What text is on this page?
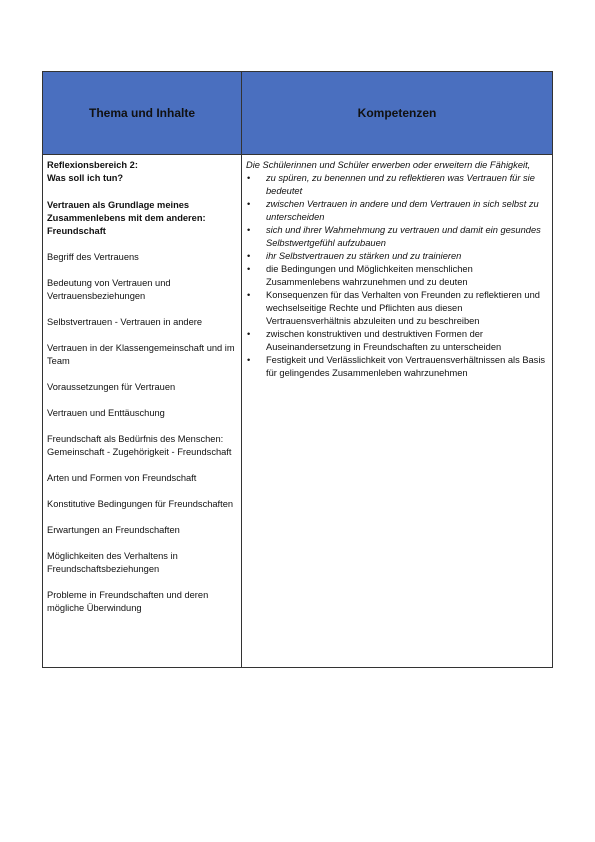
Thema und Inhalte	Kompetenzen
Reflexionsbereich 2:
Was soll ich tun?
Vertrauen als Grundlage meines Zusammenlebens mit dem anderen: Freundschaft
Begriff des Vertrauens
Bedeutung von Vertrauen und Vertrauensbeziehungen
Selbstvertrauen - Vertrauen in andere
Vertrauen in der Klassengemeinschaft und im Team
Voraussetzungen für Vertrauen
Vertrauen und Enttäuschung
Freundschaft als Bedürfnis des Menschen: Gemeinschaft - Zugehörigkeit - Freundschaft
Arten und Formen von Freundschaft
Konstitutive Bedingungen für Freundschaften
Erwartungen an Freundschaften
Möglichkeiten des Verhaltens in Freundschaftsbeziehungen
Probleme in Freundschaften und deren mögliche Überwindung
Die Schülerinnen und Schüler erwerben oder erweitern die Fähigkeit,
• zu spüren, zu benennen und zu reflektieren was Vertrauen für sie bedeutet
• zwischen Vertrauen in andere und dem Vertrauen in sich selbst zu unterscheiden
• sich und ihrer Wahrnehmung zu vertrauen und damit ein gesundes Selbstwertgefühl aufzubauen
• ihr Selbstvertrauen zu stärken und zu trainieren
• die Bedingungen und Möglichkeiten menschlichen Zusammenlebens wahrzunehmen und zu deuten
• Konsequenzen für das Verhalten von Freunden zu reflektieren und wechselseitige Rechte und Pflichten aus diesen Vertrauensverhältnis abzuleiten und zu beschreiben
• zwischen konstruktiven und destruktiven Formen der Auseinandersetzung in Freundschaften zu unterscheiden
• Festigkeit und Verlässlichkeit von Vertrauensverhältnissen als Basis für gelingendes Zusammenleben wahrzunehmen
